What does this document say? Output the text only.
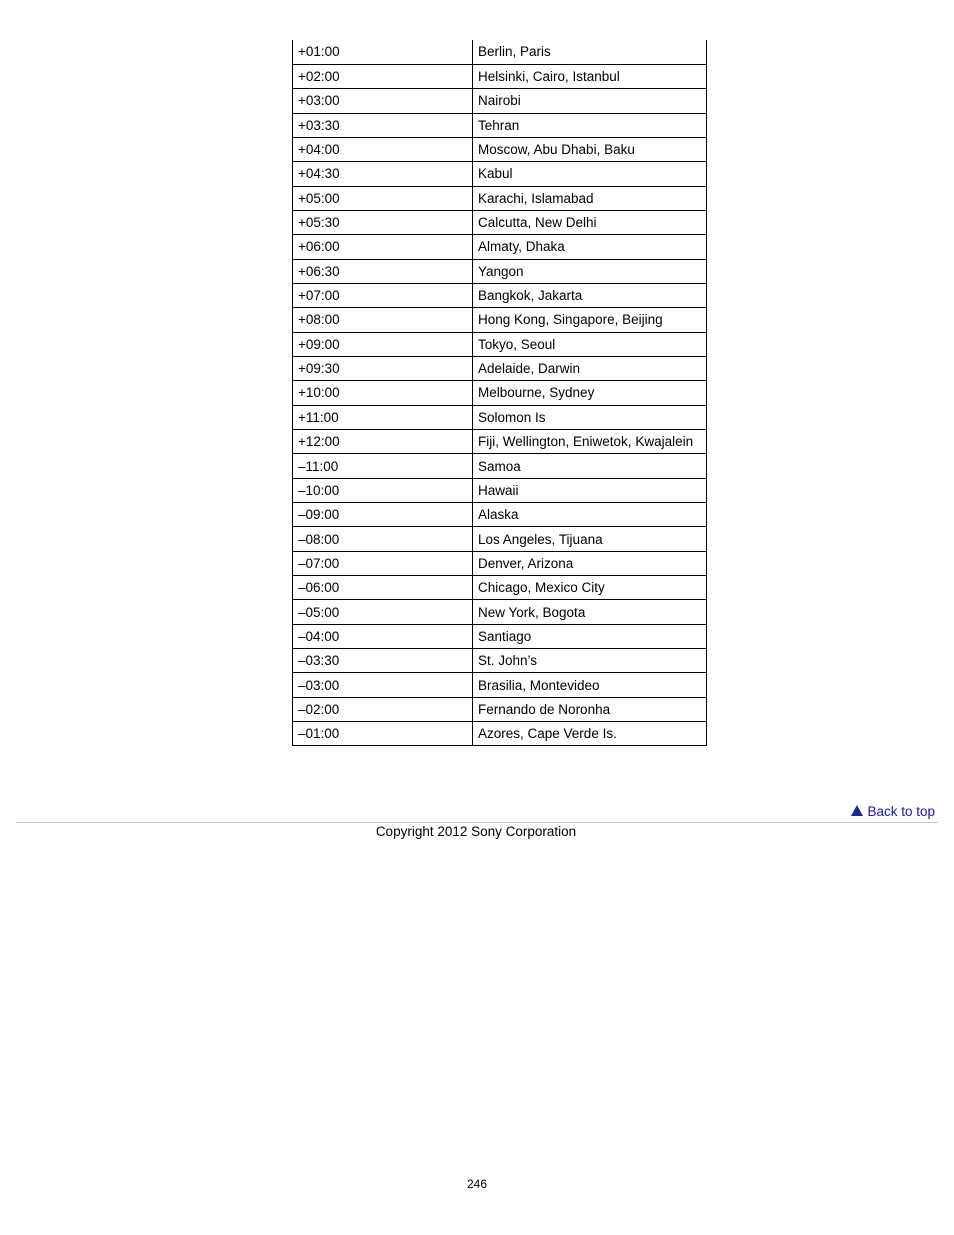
+01:00	Berlin, Paris
+02:00	Helsinki, Cairo, Istanbul
+03:00	Nairobi
+03:30	Tehran
+04:00	Moscow, Abu Dhabi, Baku
+04:30	Kabul
+05:00	Karachi, Islamabad
+05:30	Calcutta, New Delhi
+06:00	Almaty, Dhaka
+06:30	Yangon
+07:00	Bangkok, Jakarta
+08:00	Hong Kong, Singapore, Beijing
+09:00	Tokyo, Seoul
+09:30	Adelaide, Darwin
+10:00	Melbourne, Sydney
+11:00	Solomon Is
+12:00	Fiji, Wellington, Eniwetok, Kwajalein
–11:00	Samoa
–10:00	Hawaii
–09:00	Alaska
–08:00	Los Angeles, Tijuana
–07:00	Denver, Arizona
–06:00	Chicago, Mexico City
–05:00	New York, Bogota
–04:00	Santiago
–03:30	St. John’s
–03:00	Brasilia, Montevideo
–02:00	Fernando de Noronha
–01:00	Azores, Cape Verde Is.
Back to top
Copyright 2012 Sony Corporation
246
